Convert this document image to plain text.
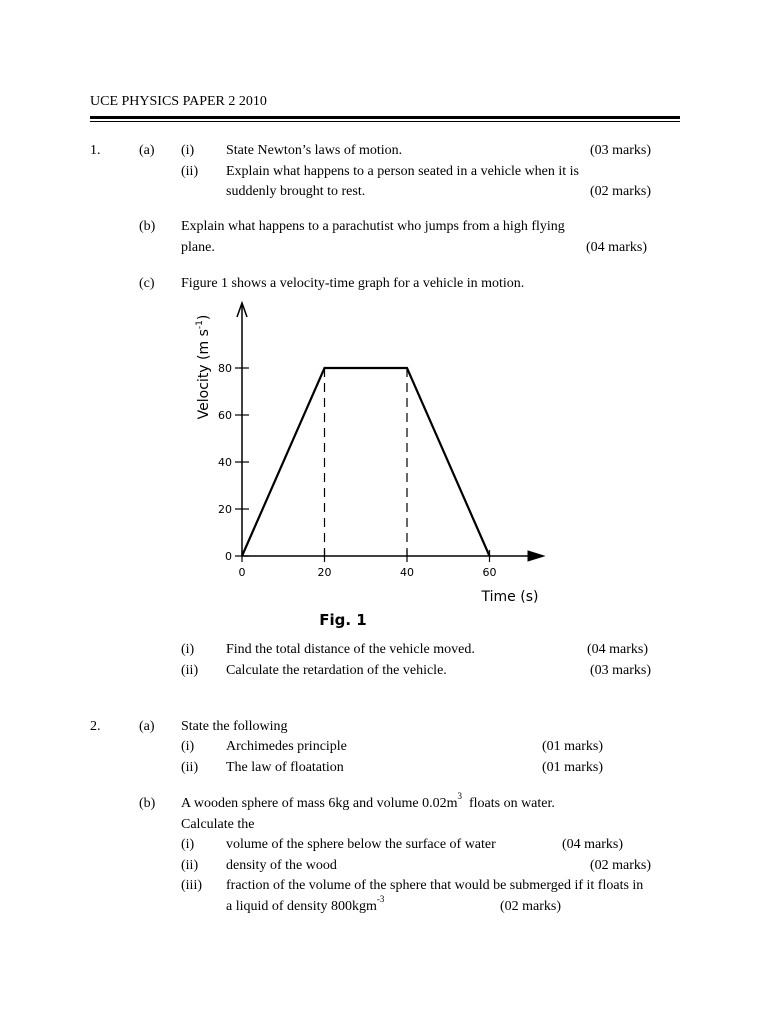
UCE PHYSICS PAPER 2 2010
1.	(a) (i) State Newton’s laws of motion.	(03 marks)
(ii) Explain what happens to a person seated in a vehicle when it is
suddenly brought to rest.	(02 marks)
(b) Explain what happens to a parachutist who jumps from a high flying
plane.	(04 marks)
(c) Figure 1 shows a velocity-time graph for a vehicle in motion.
0
20
40
60
80
0	20	40	60
Velocity (m $s^{-1}$)
Time (s)
Fig. 1
(i) Find the total distance of the vehicle moved.	(04 marks)
(ii) Calculate the retardation of the vehicle.	(03 marks)
2.	(a) State the following
(i) Archimedes principle	(01 marks)
(ii) The law of floatation	(01 marks)
(b) A wooden sphere of mass 6kg and volume $0.02m^3$  floats on water.
Calculate the
(i) volume of the sphere below the surface of water	(04 marks)
(ii) density of the wood	(02 marks)
(iii) fraction of the volume of the sphere that would be submerged if it floats in
a liquid of density 800kgm$^{-3}$	(02 marks)
